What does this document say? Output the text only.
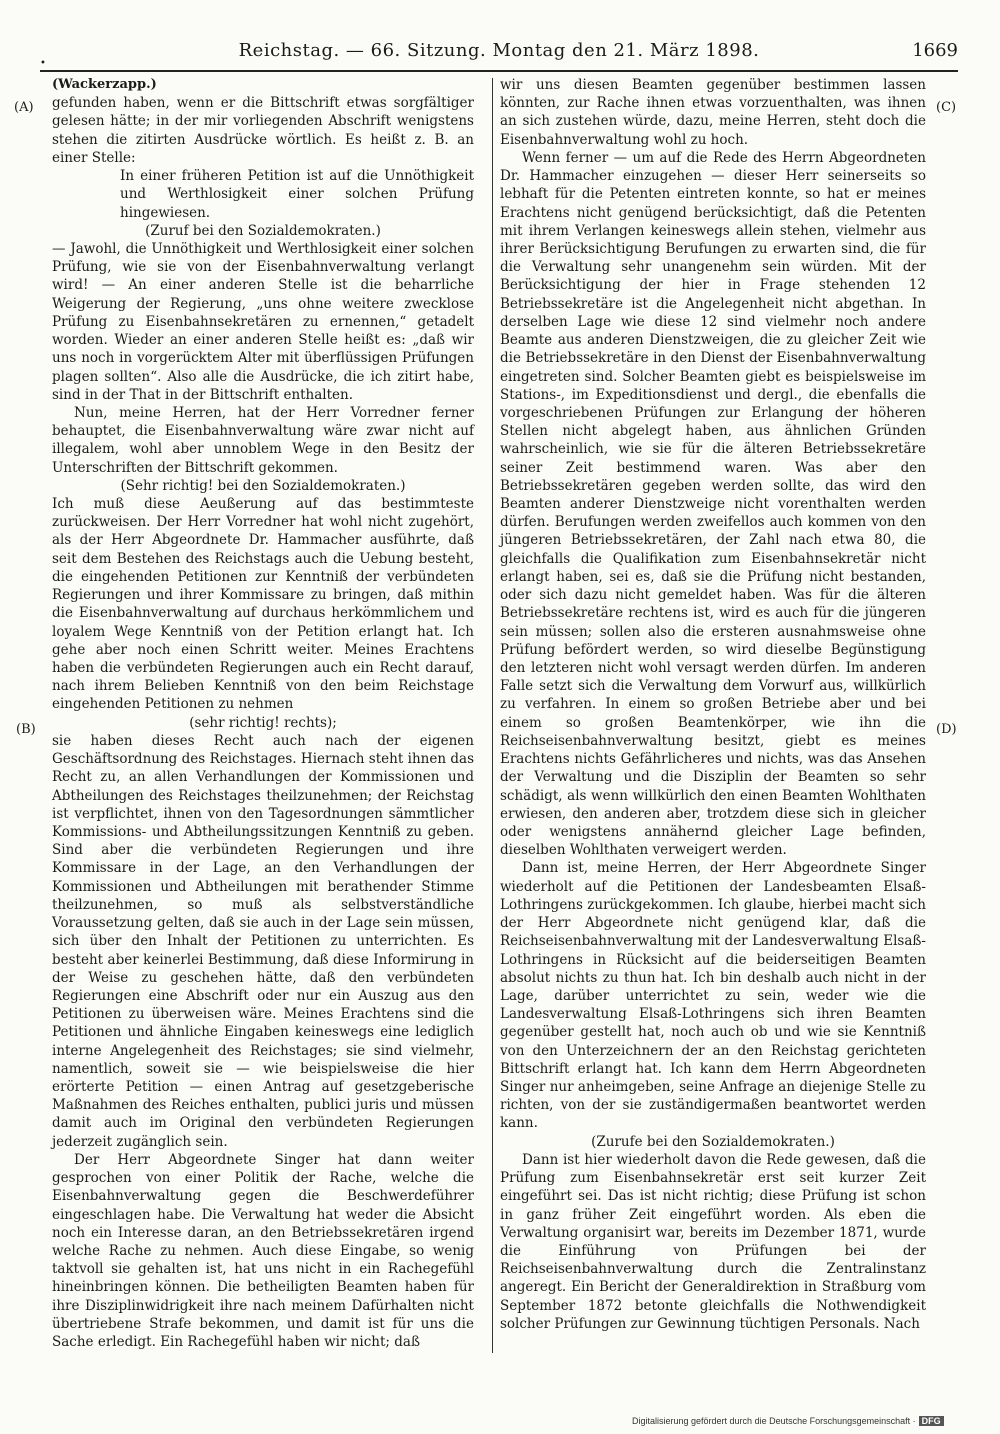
•
Reichstag. — 66. Sitzung. Montag den 21. März 1898.	1669
(A)
(B)
(C)
(D)

(Wackerzapp.)

gefunden haben, wenn er die Bittschrift etwas sorgfältiger gelesen hätte; in der mir vorliegenden Abschrift wenigstens stehen die zitirten Ausdrücke wörtlich. Es heißt z. B. an einer Stelle:

In einer früheren Petition ist auf die Unnöthigkeit und Werthlosigkeit einer solchen Prüfung hingewiesen.

(Zuruf bei den Sozialdemokraten.)

— Jawohl, die Unnöthigkeit und Werthlosigkeit einer solchen Prüfung, wie sie von der Eisenbahnverwaltung verlangt wird! — An einer anderen Stelle ist die beharrliche Weigerung der Regierung, „uns ohne weitere zwecklose Prüfung zu Eisenbahnsekretären zu ernennen,“ getadelt worden. Wieder an einer anderen Stelle heißt es: „daß wir uns noch in vorgerücktem Alter mit überflüssigen Prüfungen plagen sollten“. Also alle die Ausdrücke, die ich zitirt habe, sind in der That in der Bittschrift enthalten.

Nun, meine Herren, hat der Herr Vorredner ferner behauptet, die Eisenbahnverwaltung wäre zwar nicht auf illegalem, wohl aber unnoblem Wege in den Besitz der Unterschriften der Bittschrift gekommen.

(Sehr richtig! bei den Sozialdemokraten.)

Ich muß diese Aeußerung auf das bestimmteste zurückweisen. Der Herr Vorredner hat wohl nicht zugehört, als der Herr Abgeordnete Dr. Hammacher ausführte, daß seit dem Bestehen des Reichstags auch die Uebung besteht, die eingehenden Petitionen zur Kenntniß der verbündeten Regierungen und ihrer Kommissare zu bringen, daß mithin die Eisenbahnverwaltung auf durchaus herkömmlichem und loyalem Wege Kenntniß von der Petition erlangt hat. Ich gehe aber noch einen Schritt weiter. Meines Erachtens haben die verbündeten Regierungen auch ein Recht darauf, nach ihrem Belieben Kenntniß von den beim Reichstage eingehenden Petitionen zu nehmen

(sehr richtig! rechts);

sie haben dieses Recht auch nach der eigenen Geschäftsordnung des Reichstages. Hiernach steht ihnen das Recht zu, an allen Verhandlungen der Kommissionen und Abtheilungen des Reichstages theilzunehmen; der Reichstag ist verpflichtet, ihnen von den Tagesordnungen sämmtlicher Kommissions- und Abtheilungssitzungen Kenntniß zu geben. Sind aber die verbündeten Regierungen und ihre Kommissare in der Lage, an den Verhandlungen der Kommissionen und Abtheilungen mit berathender Stimme theilzunehmen, so muß als selbstverständliche Voraussetzung gelten, daß sie auch in der Lage sein müssen, sich über den Inhalt der Petitionen zu unterrichten. Es besteht aber keinerlei Bestimmung, daß diese Informirung in der Weise zu geschehen hätte, daß den verbündeten Regierungen eine Abschrift oder nur ein Auszug aus den Petitionen zu überweisen wäre. Meines Erachtens sind die Petitionen und ähnliche Eingaben keineswegs eine lediglich interne Angelegenheit des Reichstages; sie sind vielmehr, namentlich, soweit sie — wie beispielsweise die hier erörterte Petition — einen Antrag auf gesetzgeberische Maßnahmen des Reiches enthalten, publici juris und müssen damit auch im Original den verbündeten Regierungen jederzeit zugänglich sein.

Der Herr Abgeordnete Singer hat dann weiter gesprochen von einer Politik der Rache, welche die Eisenbahnverwaltung gegen die Beschwerdeführer eingeschlagen habe. Die Verwaltung hat weder die Absicht noch ein Interesse daran, an den Betriebssekretären irgend welche Rache zu nehmen. Auch diese Eingabe, so wenig taktvoll sie gehalten ist, hat uns nicht in ein Rachegefühl hineinbringen können. Die betheiligten Beamten haben für ihre Disziplinwidrigkeit ihre nach meinem Dafürhalten nicht übertriebene Strafe bekommen, und damit ist für uns die Sache erledigt. Ein Rachegefühl haben wir nicht; daß

wir uns diesen Beamten gegenüber bestimmen lassen könnten, zur Rache ihnen etwas vorzuenthalten, was ihnen an sich zustehen würde, dazu, meine Herren, steht doch die Eisenbahnverwaltung wohl zu hoch.

Wenn ferner — um auf die Rede des Herrn Abgeordneten Dr. Hammacher einzugehen — dieser Herr seinerseits so lebhaft für die Petenten eintreten konnte, so hat er meines Erachtens nicht genügend berücksichtigt, daß die Petenten mit ihrem Verlangen keineswegs allein stehen, vielmehr aus ihrer Berücksichtigung Berufungen zu erwarten sind, die für die Verwaltung sehr unangenehm sein würden. Mit der Berücksichtigung der hier in Frage stehenden 12 Betriebssekretäre ist die Angelegenheit nicht abgethan. In derselben Lage wie diese 12 sind vielmehr noch andere Beamte aus anderen Dienstzweigen, die zu gleicher Zeit wie die Betriebssekretäre in den Dienst der Eisenbahnverwaltung eingetreten sind. Solcher Beamten giebt es beispielsweise im Stations-, im Expeditionsdienst und dergl., die ebenfalls die vorgeschriebenen Prüfungen zur Erlangung der höheren Stellen nicht abgelegt haben, aus ähnlichen Gründen wahrscheinlich, wie sie für die älteren Betriebssekretäre seiner Zeit bestimmend waren. Was aber den Betriebssekretären gegeben werden sollte, das wird den Beamten anderer Dienstzweige nicht vorenthalten werden dürfen. Berufungen werden zweifellos auch kommen von den jüngeren Betriebssekretären, der Zahl nach etwa 80, die gleichfalls die Qualifikation zum Eisenbahnsekretär nicht erlangt haben, sei es, daß sie die Prüfung nicht bestanden, oder sich dazu nicht gemeldet haben. Was für die älteren Betriebssekretäre rechtens ist, wird es auch für die jüngeren sein müssen; sollen also die ersteren ausnahmsweise ohne Prüfung befördert werden, so wird dieselbe Begünstigung den letzteren nicht wohl versagt werden dürfen. Im anderen Falle setzt sich die Verwaltung dem Vorwurf aus, willkürlich zu verfahren. In einem so großen Betriebe aber und bei einem so großen Beamtenkörper, wie ihn die Reichseisenbahnverwaltung besitzt, giebt es meines Erachtens nichts Gefährlicheres und nichts, was das Ansehen der Verwaltung und die Disziplin der Beamten so sehr schädigt, als wenn willkürlich den einen Beamten Wohlthaten erwiesen, den anderen aber, trotzdem diese sich in gleicher oder wenigstens annähernd gleicher Lage befinden, dieselben Wohlthaten verweigert werden.

Dann ist, meine Herren, der Herr Abgeordnete Singer wiederholt auf die Petitionen der Landesbeamten Elsaß-Lothringens zurückgekommen. Ich glaube, hierbei macht sich der Herr Abgeordnete nicht genügend klar, daß die Reichseisenbahnverwaltung mit der Landesverwaltung Elsaß-Lothringens in Rücksicht auf die beiderseitigen Beamten absolut nichts zu thun hat. Ich bin deshalb auch nicht in der Lage, darüber unterrichtet zu sein, weder wie die Landesverwaltung Elsaß-Lothringens sich ihren Beamten gegenüber gestellt hat, noch auch ob und wie sie Kenntniß von den Unterzeichnern der an den Reichstag gerichteten Bittschrift erlangt hat. Ich kann dem Herrn Abgeordneten Singer nur anheimgeben, seine Anfrage an diejenige Stelle zu richten, von der sie zuständigermaßen beantwortet werden kann.

(Zurufe bei den Sozialdemokraten.)

Dann ist hier wiederholt davon die Rede gewesen, daß die Prüfung zum Eisenbahnsekretär erst seit kurzer Zeit eingeführt sei. Das ist nicht richtig; diese Prüfung ist schon in ganz früher Zeit eingeführt worden. Als eben die Verwaltung organisirt war, bereits im Dezember 1871, wurde die Einführung von Prüfungen bei der Reichseisenbahnverwaltung durch die Zentralinstanz angeregt. Ein Bericht der Generaldirektion in Straßburg vom September 1872 betonte gleichfalls die Nothwendigkeit solcher Prüfungen zur Gewinnung tüchtigen Personals. Nach

Digitalisierung gefördert durch die Deutsche Forschungsgemeinschaft · DFG
